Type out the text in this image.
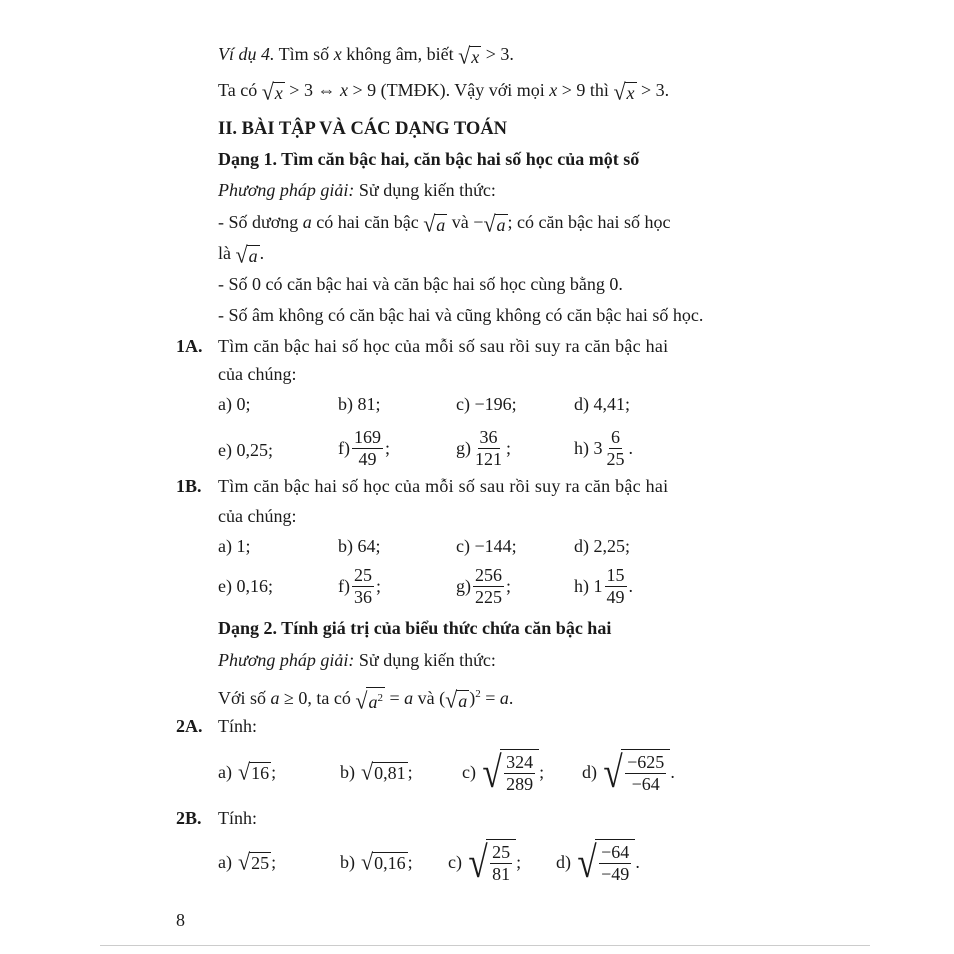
Ví dụ 4. Tìm số x không âm, biết √ x > 3.
Ta có √ x > 3 ⇔ x > 9 (TMĐK). Vậy với mọi x > 9 thì √ x > 3.
II. BÀI TẬP VÀ CÁC DẠNG TOÁN
Dạng 1. Tìm căn bậc hai, căn bậc hai số học của một số
Phương pháp giải: Sử dụng kiến thức:
- Số dương a có hai căn bậc √ a và − √ a ; có căn bậc hai số học
là √ a .
- Số 0 có căn bậc hai và căn bậc hai số học cùng bằng 0.
- Số âm không có căn bậc hai và cũng không có căn bậc hai số học.
1A. Tìm căn bậc hai số học của mỗi số sau rồi suy ra căn bậc hai
của chúng:
a) 0;	b) 81;	c) −196;	d) 4,41;
e) 0,25;	$f) \frac{169}{49}$ ;	$g) \frac{36}{121}$ ;	h) $3 \frac{6}{25}$ .
1B. Tìm căn bậc hai số học của mỗi số sau rồi suy ra căn bậc hai
của chúng:
a) 1;	b) 64;	c) −144;	d) 2,25;
e) 0,16;	$f) \frac{25}{36}$ ;	$g) \frac{256}{225}$ ;	h) $1 \frac{15}{49}$ .
Dạng 2. Tính giá trị của biểu thức chứa căn bậc hai
Phương pháp giải: Sử dụng kiến thức:
Với số a ≥ 0, ta có √ $a^2 = a$ và ( √ a )$^2$ = a.
2A. Tính:
a) √ 16 ;	b) √ 0,81 ;	c) √ $\frac{324}{289}$ ; d) √ $\frac{-625}{-64}$ .
2B. Tính:
a) √ 25 ;	b) √ 0,16 ; c) √ $\frac{25}{81}$ ; d) √ $\frac{-64}{-49}$ .
8
